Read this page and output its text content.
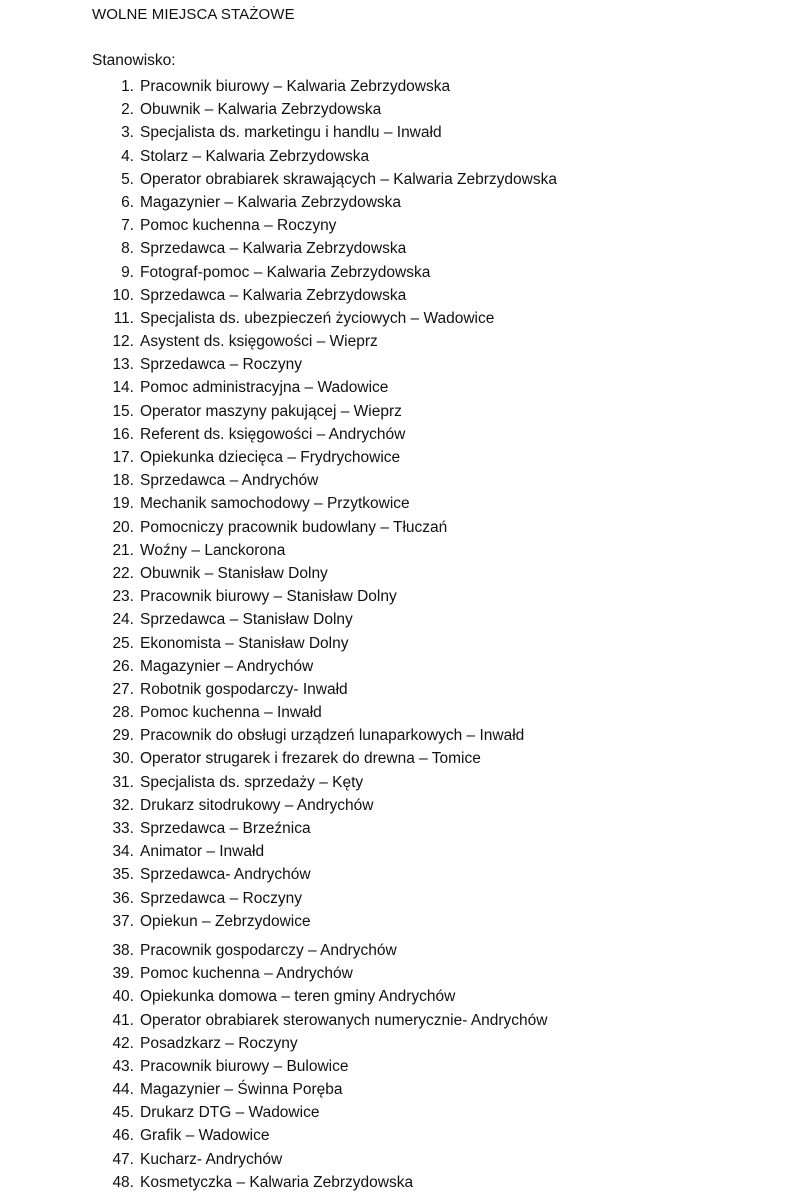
WOLNE MIEJSCA STAŻOWE
Stanowisko:
1. Pracownik biurowy – Kalwaria Zebrzydowska
2. Obuwnik – Kalwaria Zebrzydowska
3. Specjalista ds. marketingu i handlu – Inwałd
4. Stolarz – Kalwaria Zebrzydowska
5. Operator obrabiarek skrawających – Kalwaria Zebrzydowska
6. Magazynier – Kalwaria Zebrzydowska
7. Pomoc kuchenna – Roczyny
8. Sprzedawca – Kalwaria Zebrzydowska
9. Fotograf-pomoc – Kalwaria Zebrzydowska
10. Sprzedawca – Kalwaria Zebrzydowska
11. Specjalista ds. ubezpieczeń życiowych – Wadowice
12. Asystent ds. księgowości – Wieprz
13. Sprzedawca – Roczyny
14. Pomoc administracyjna – Wadowice
15. Operator maszyny pakującej – Wieprz
16. Referent ds. księgowości – Andrychów
17. Opiekunka dziecięca – Frydrychowice
18. Sprzedawca – Andrychów
19. Mechanik samochodowy – Przytkowice
20. Pomocniczy pracownik budowlany – Tłuczań
21. Woźny – Lanckorona
22. Obuwnik – Stanisław Dolny
23. Pracownik biurowy – Stanisław Dolny
24. Sprzedawca – Stanisław Dolny
25. Ekonomista – Stanisław Dolny
26. Magazynier – Andrychów
27. Robotnik gospodarczy- Inwałd
28. Pomoc kuchenna – Inwałd
29. Pracownik do obsługi urządzeń lunaparkowych – Inwałd
30. Operator strugarek i frezarek do drewna – Tomice
31. Specjalista ds. sprzedaży – Kęty
32. Drukarz sitodrukowy – Andrychów
33. Sprzedawca – Brzeźnica
34. Animator – Inwałd
35. Sprzedawca- Andrychów
36. Sprzedawca – Roczyny
37. Opiekun – Zebrzydowice
38. Pracownik gospodarczy – Andrychów
39. Pomoc kuchenna – Andrychów
40. Opiekunka domowa – teren gminy Andrychów
41. Operator obrabiarek sterowanych numerycznie- Andrychów
42. Posadzkarz – Roczyny
43. Pracownik biurowy – Bulowice
44. Magazynier – Świnna Poręba
45. Drukarz DTG – Wadowice
46. Grafik – Wadowice
47. Kucharz- Andrychów
48. Kosmetyczka – Kalwaria Zebrzydowska
